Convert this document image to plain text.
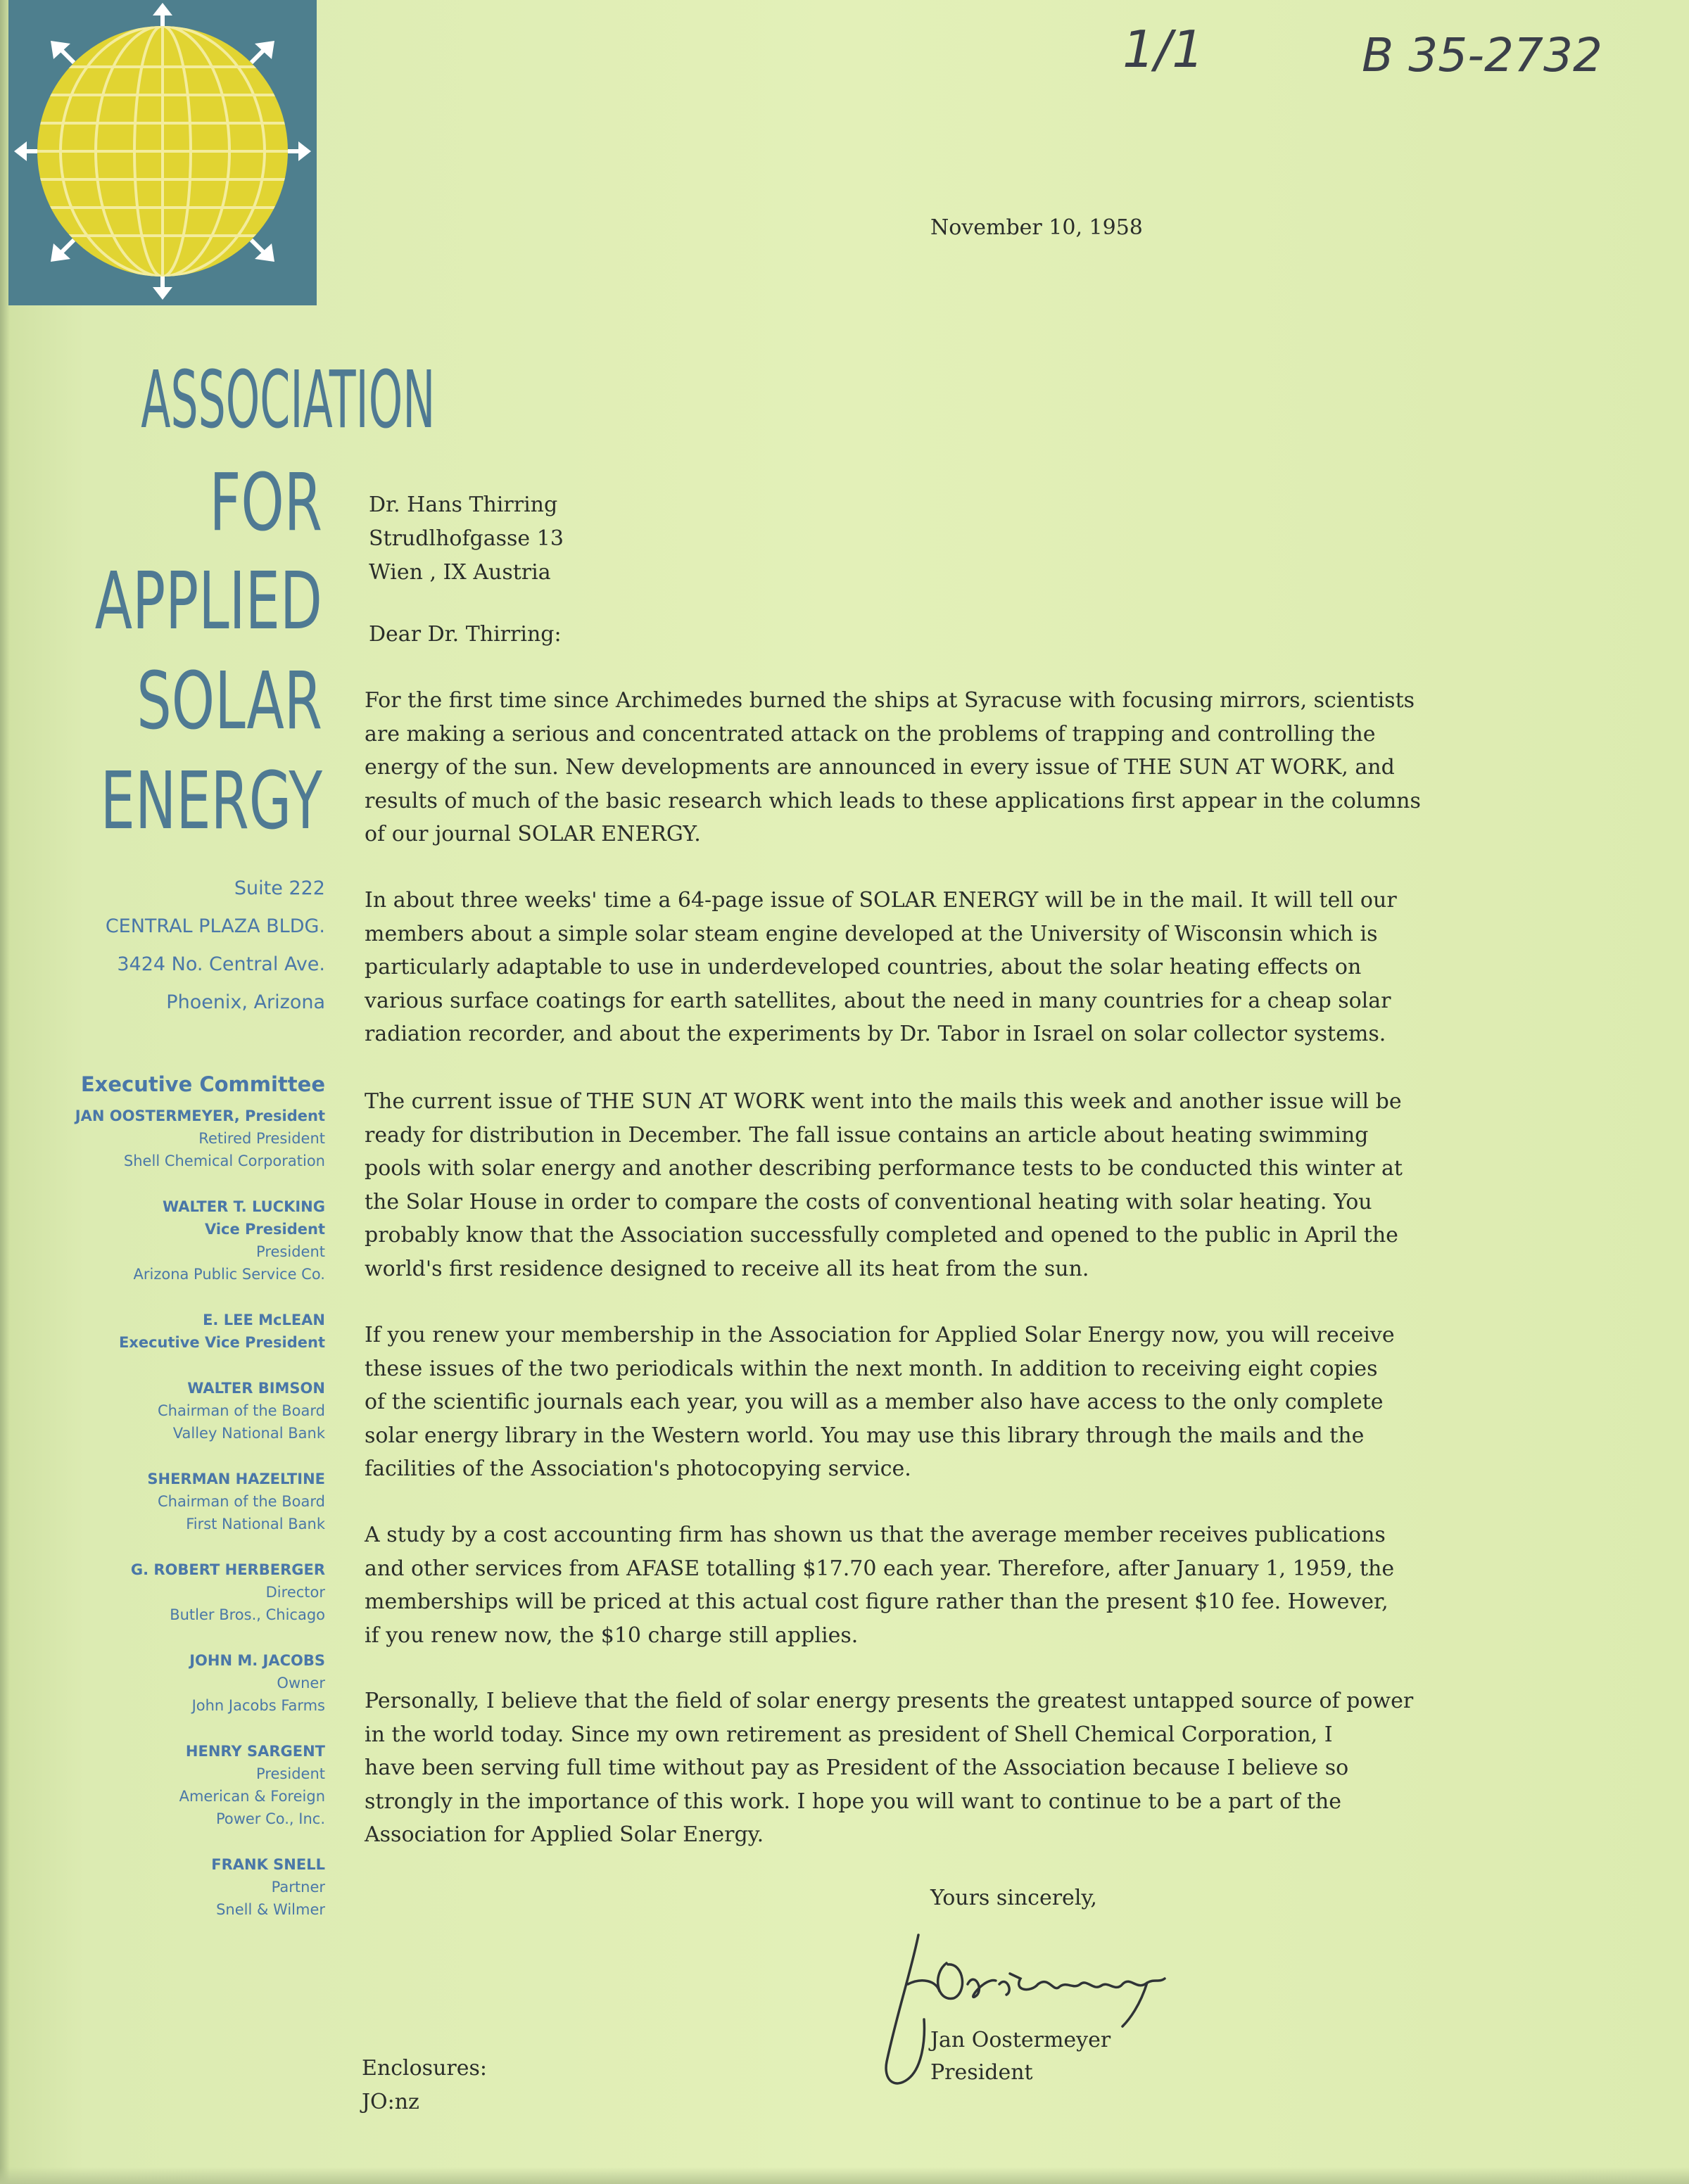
ASSOCIATION
FOR
APPLIED
SOLAR
ENERGY
Suite 222
CENTRAL PLAZA BLDG.
3424 No. Central Ave.
Phoenix, Arizona
Executive Committee
JAN OOSTERMEYER, President
Retired President
Shell Chemical Corporation
WALTER T. LUCKING
Vice President
President
Arizona Public Service Co.
E. LEE McLEAN
Executive Vice President
WALTER BIMSON
Chairman of the Board
Valley National Bank
SHERMAN HAZELTINE
Chairman of the Board
First National Bank
G. ROBERT HERBERGER
Director
Butler Bros., Chicago
JOHN M. JACOBS
Owner
John Jacobs Farms
HENRY SARGENT
President
American & Foreign
Power Co., Inc.
FRANK SNELL
Partner
Snell & Wilmer
1/1	B 35-2732
November 10, 1958
Dr. Hans Thirring
Strudlhofgasse 13
Wien , IX Austria
Dear Dr. Thirring:
For the first time since Archimedes burned the ships at Syracuse with focusing mirrors, scientists
are making a serious and concentrated attack on the problems of trapping and controlling the
energy of the sun. New developments are announced in every issue of THE SUN AT WORK, and
results of much of the basic research which leads to these applications first appear in the columns
of our journal SOLAR ENERGY.
In about three weeks' time a 64-page issue of SOLAR ENERGY will be in the mail. It will tell our
members about a simple solar steam engine developed at the University of Wisconsin which is
particularly adaptable to use in underdeveloped countries, about the solar heating effects on
various surface coatings for earth satellites, about the need in many countries for a cheap solar
radiation recorder, and about the experiments by Dr. Tabor in Israel on solar collector systems.
The current issue of THE SUN AT WORK went into the mails this week and another issue will be
ready for distribution in December. The fall issue contains an article about heating swimming
pools with solar energy and another describing performance tests to be conducted this winter at
the Solar House in order to compare the costs of conventional heating with solar heating. You
probably know that the Association successfully completed and opened to the public in April the
world's first residence designed to receive all its heat from the sun.
If you renew your membership in the Association for Applied Solar Energy now, you will receive
these issues of the two periodicals within the next month. In addition to receiving eight copies
of the scientific journals each year, you will as a member also have access to the only complete
solar energy library in the Western world. You may use this library through the mails and the
facilities of the Association's photocopying service.
A study by a cost accounting firm has shown us that the average member receives publications
and other services from AFASE totalling $17.70 each year. Therefore, after January 1, 1959, the
memberships will be priced at this actual cost figure rather than the present $10 fee. However,
if you renew now, the $10 charge still applies.
Personally, I believe that the field of solar energy presents the greatest untapped source of power
in the world today. Since my own retirement as president of Shell Chemical Corporation, I
have been serving full time without pay as President of the Association because I believe so
strongly in the importance of this work. I hope you will want to continue to be a part of the
Association for Applied Solar Energy.
Yours sincerely,
Jan Oostermeyer
President
Enclosures:
JO:nz
